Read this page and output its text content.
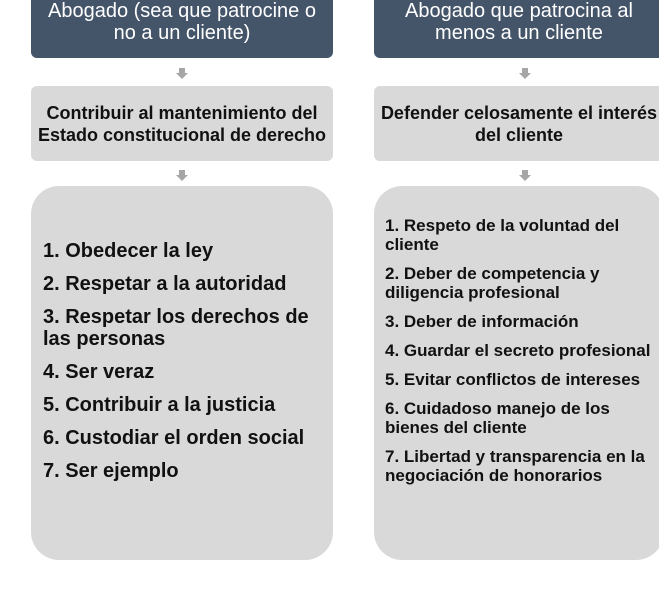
Abogado (sea que patrocine o no a un cliente)
Contribuir al mantenimiento del Estado constitucional de derecho
1. Obedecer la ley
2. Respetar a la autoridad
3. Respetar los derechos de las personas
4. Ser veraz
5. Contribuir a la justicia
6. Custodiar el orden social
7. Ser ejemplo
Abogado que patrocina al menos a un cliente
Defender celosamente el interés del cliente
1. Respeto de la voluntad del cliente
2. Deber de competencia y diligencia profesional
3. Deber de información
4. Guardar el secreto profesional
5. Evitar conflictos de intereses
6. Cuidadoso manejo de los bienes del cliente
7. Libertad y transparencia en la negociación de honorarios
